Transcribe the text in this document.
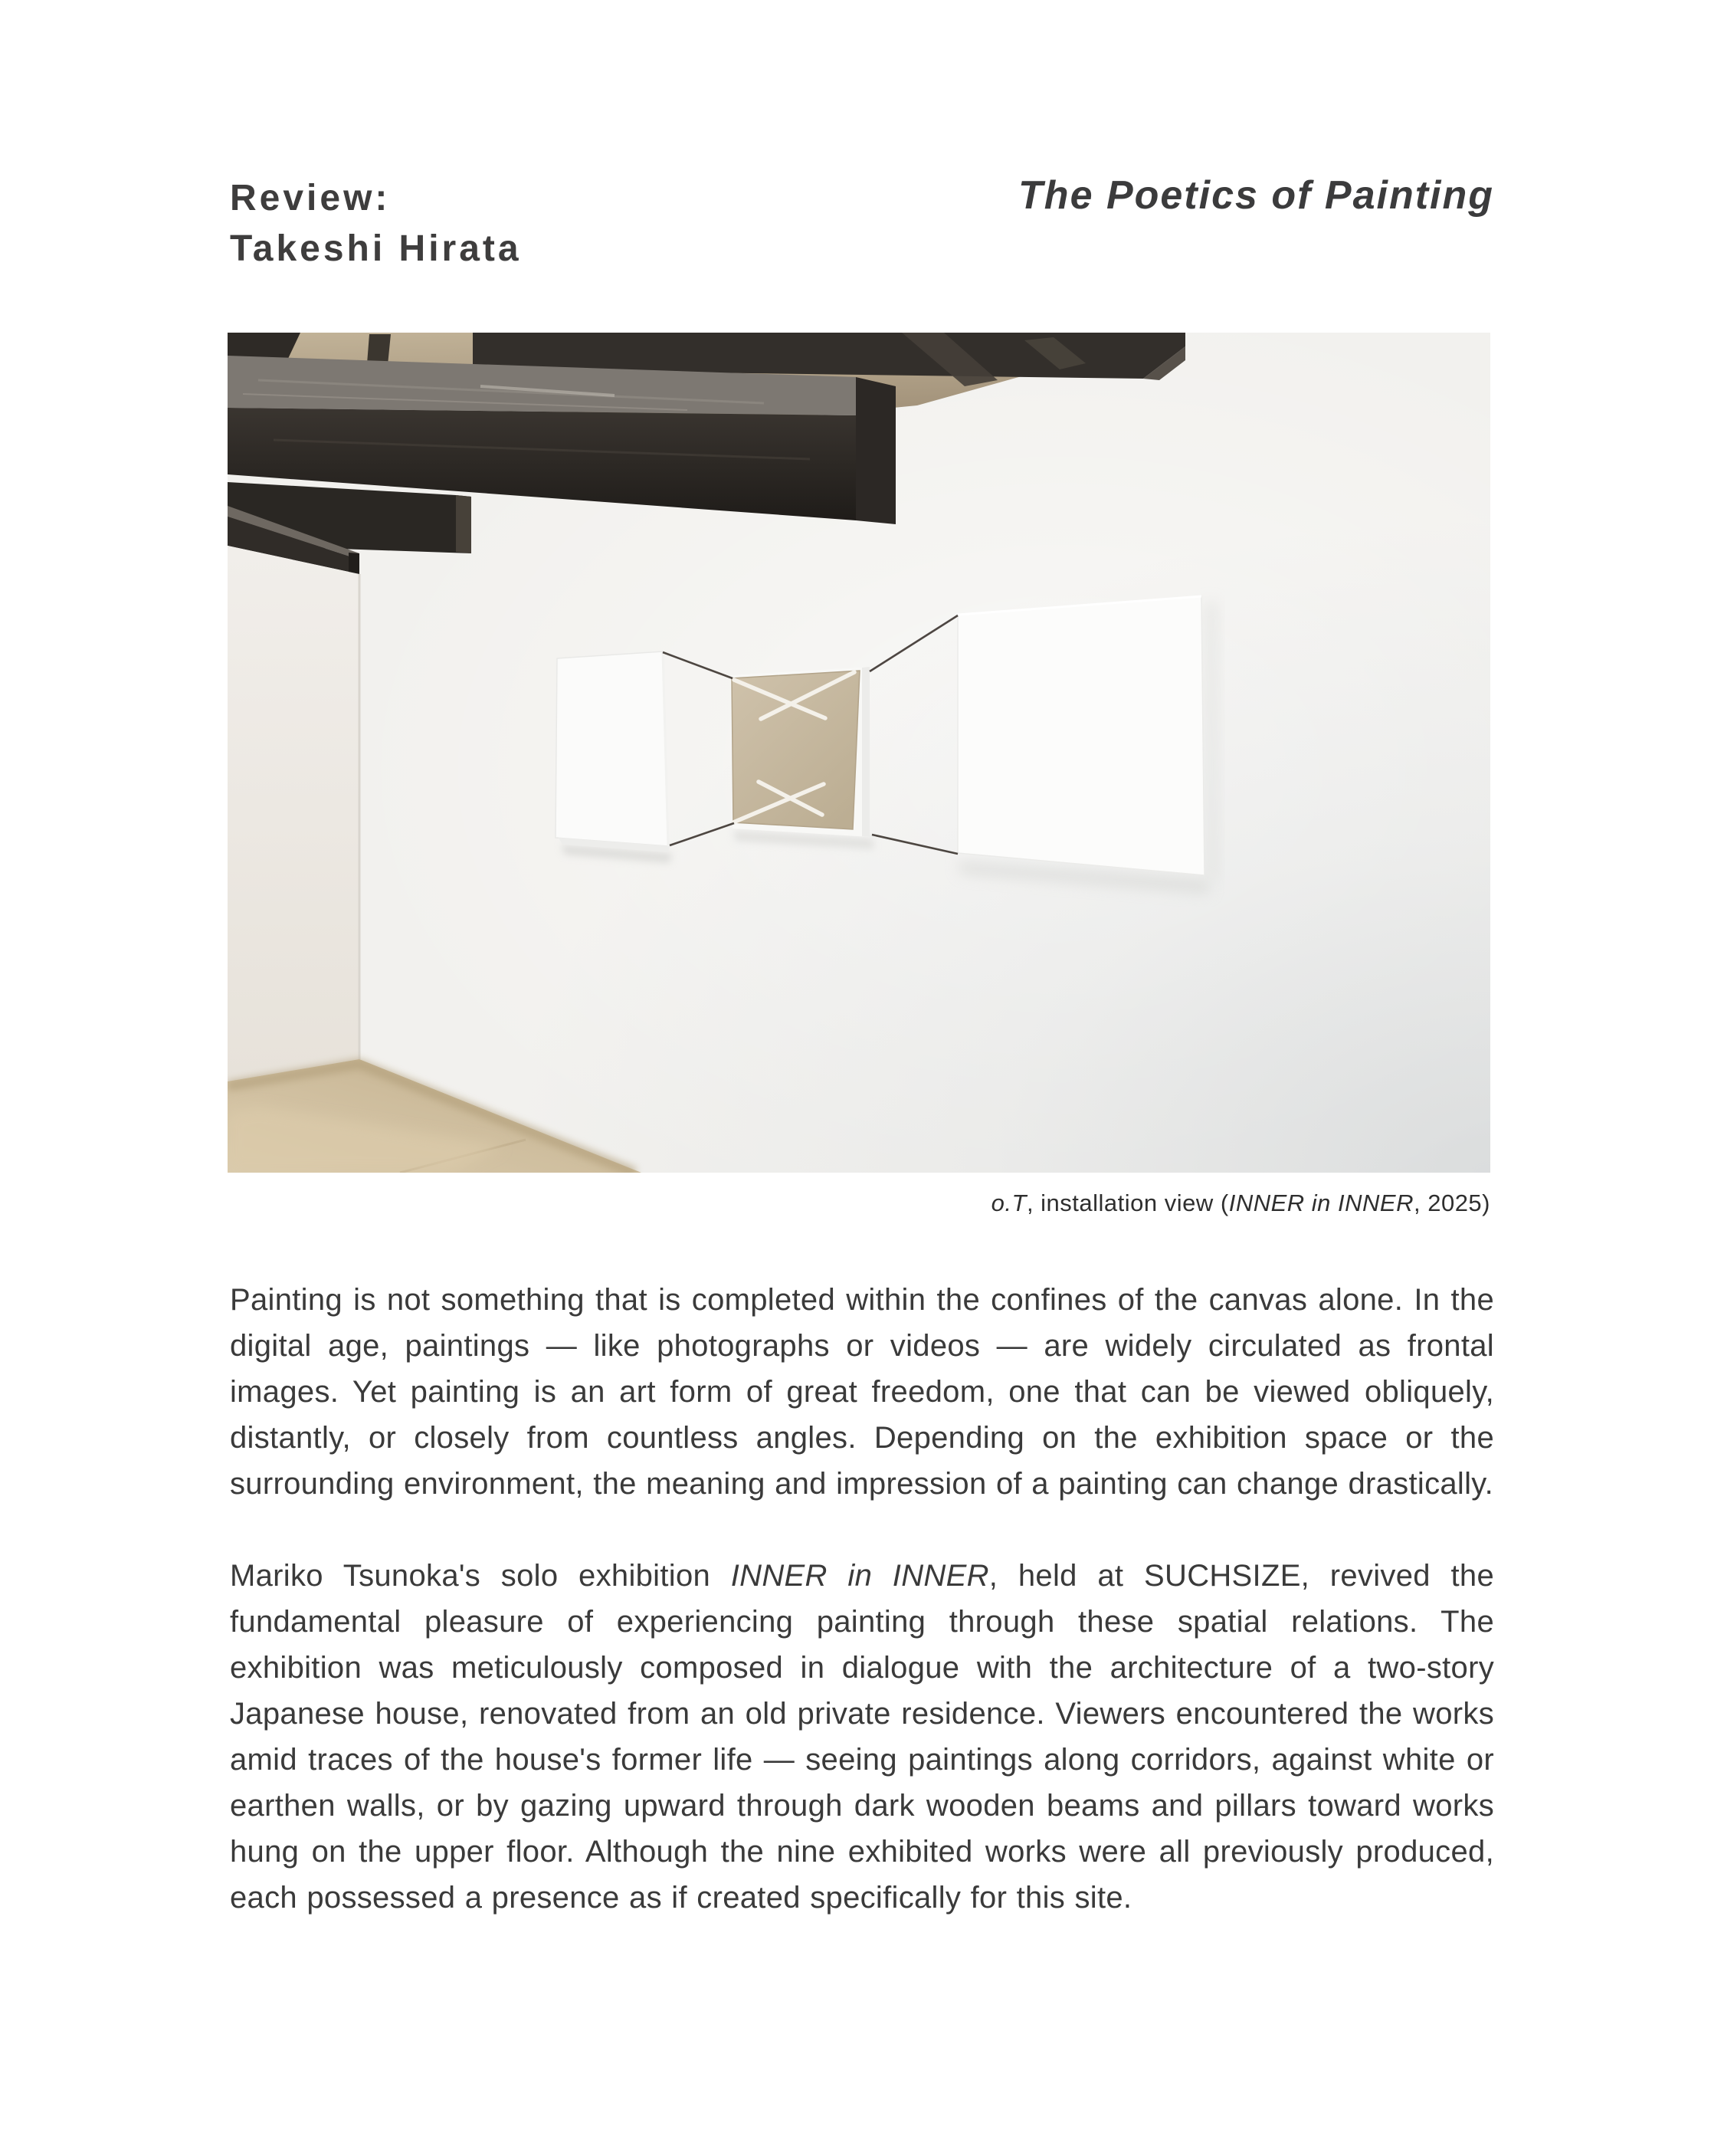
Review:
Takeshi Hirata
The Poetics of Painting
o.T, installation view (INNER in INNER, 2025)

Painting is not something that is completed within the confines of the canvas alone. In the digital age, paintings — like photographs or videos — are widely circulated as frontal images. Yet painting is an art form of great freedom, one that can be viewed obliquely, distantly, or closely from countless angles. Depending on the exhibition space or the surrounding environment, the meaning and impression of a painting can change drastically.

Mariko Tsunoka's solo exhibition INNER in INNER, held at SUCHSIZE, revived the fundamental pleasure of experiencing painting through these spatial relations. The exhibition was meticulously composed in dialogue with the architecture of a two-story Japanese house, renovated from an old private residence. Viewers encountered the works amid traces of the house's former life — seeing paintings along corridors, against white or earthen walls, or by gazing upward through dark wooden beams and pillars toward works hung on the upper floor. Although the nine exhibited works were all previously produced, each possessed a presence as if created specifically for this site.
